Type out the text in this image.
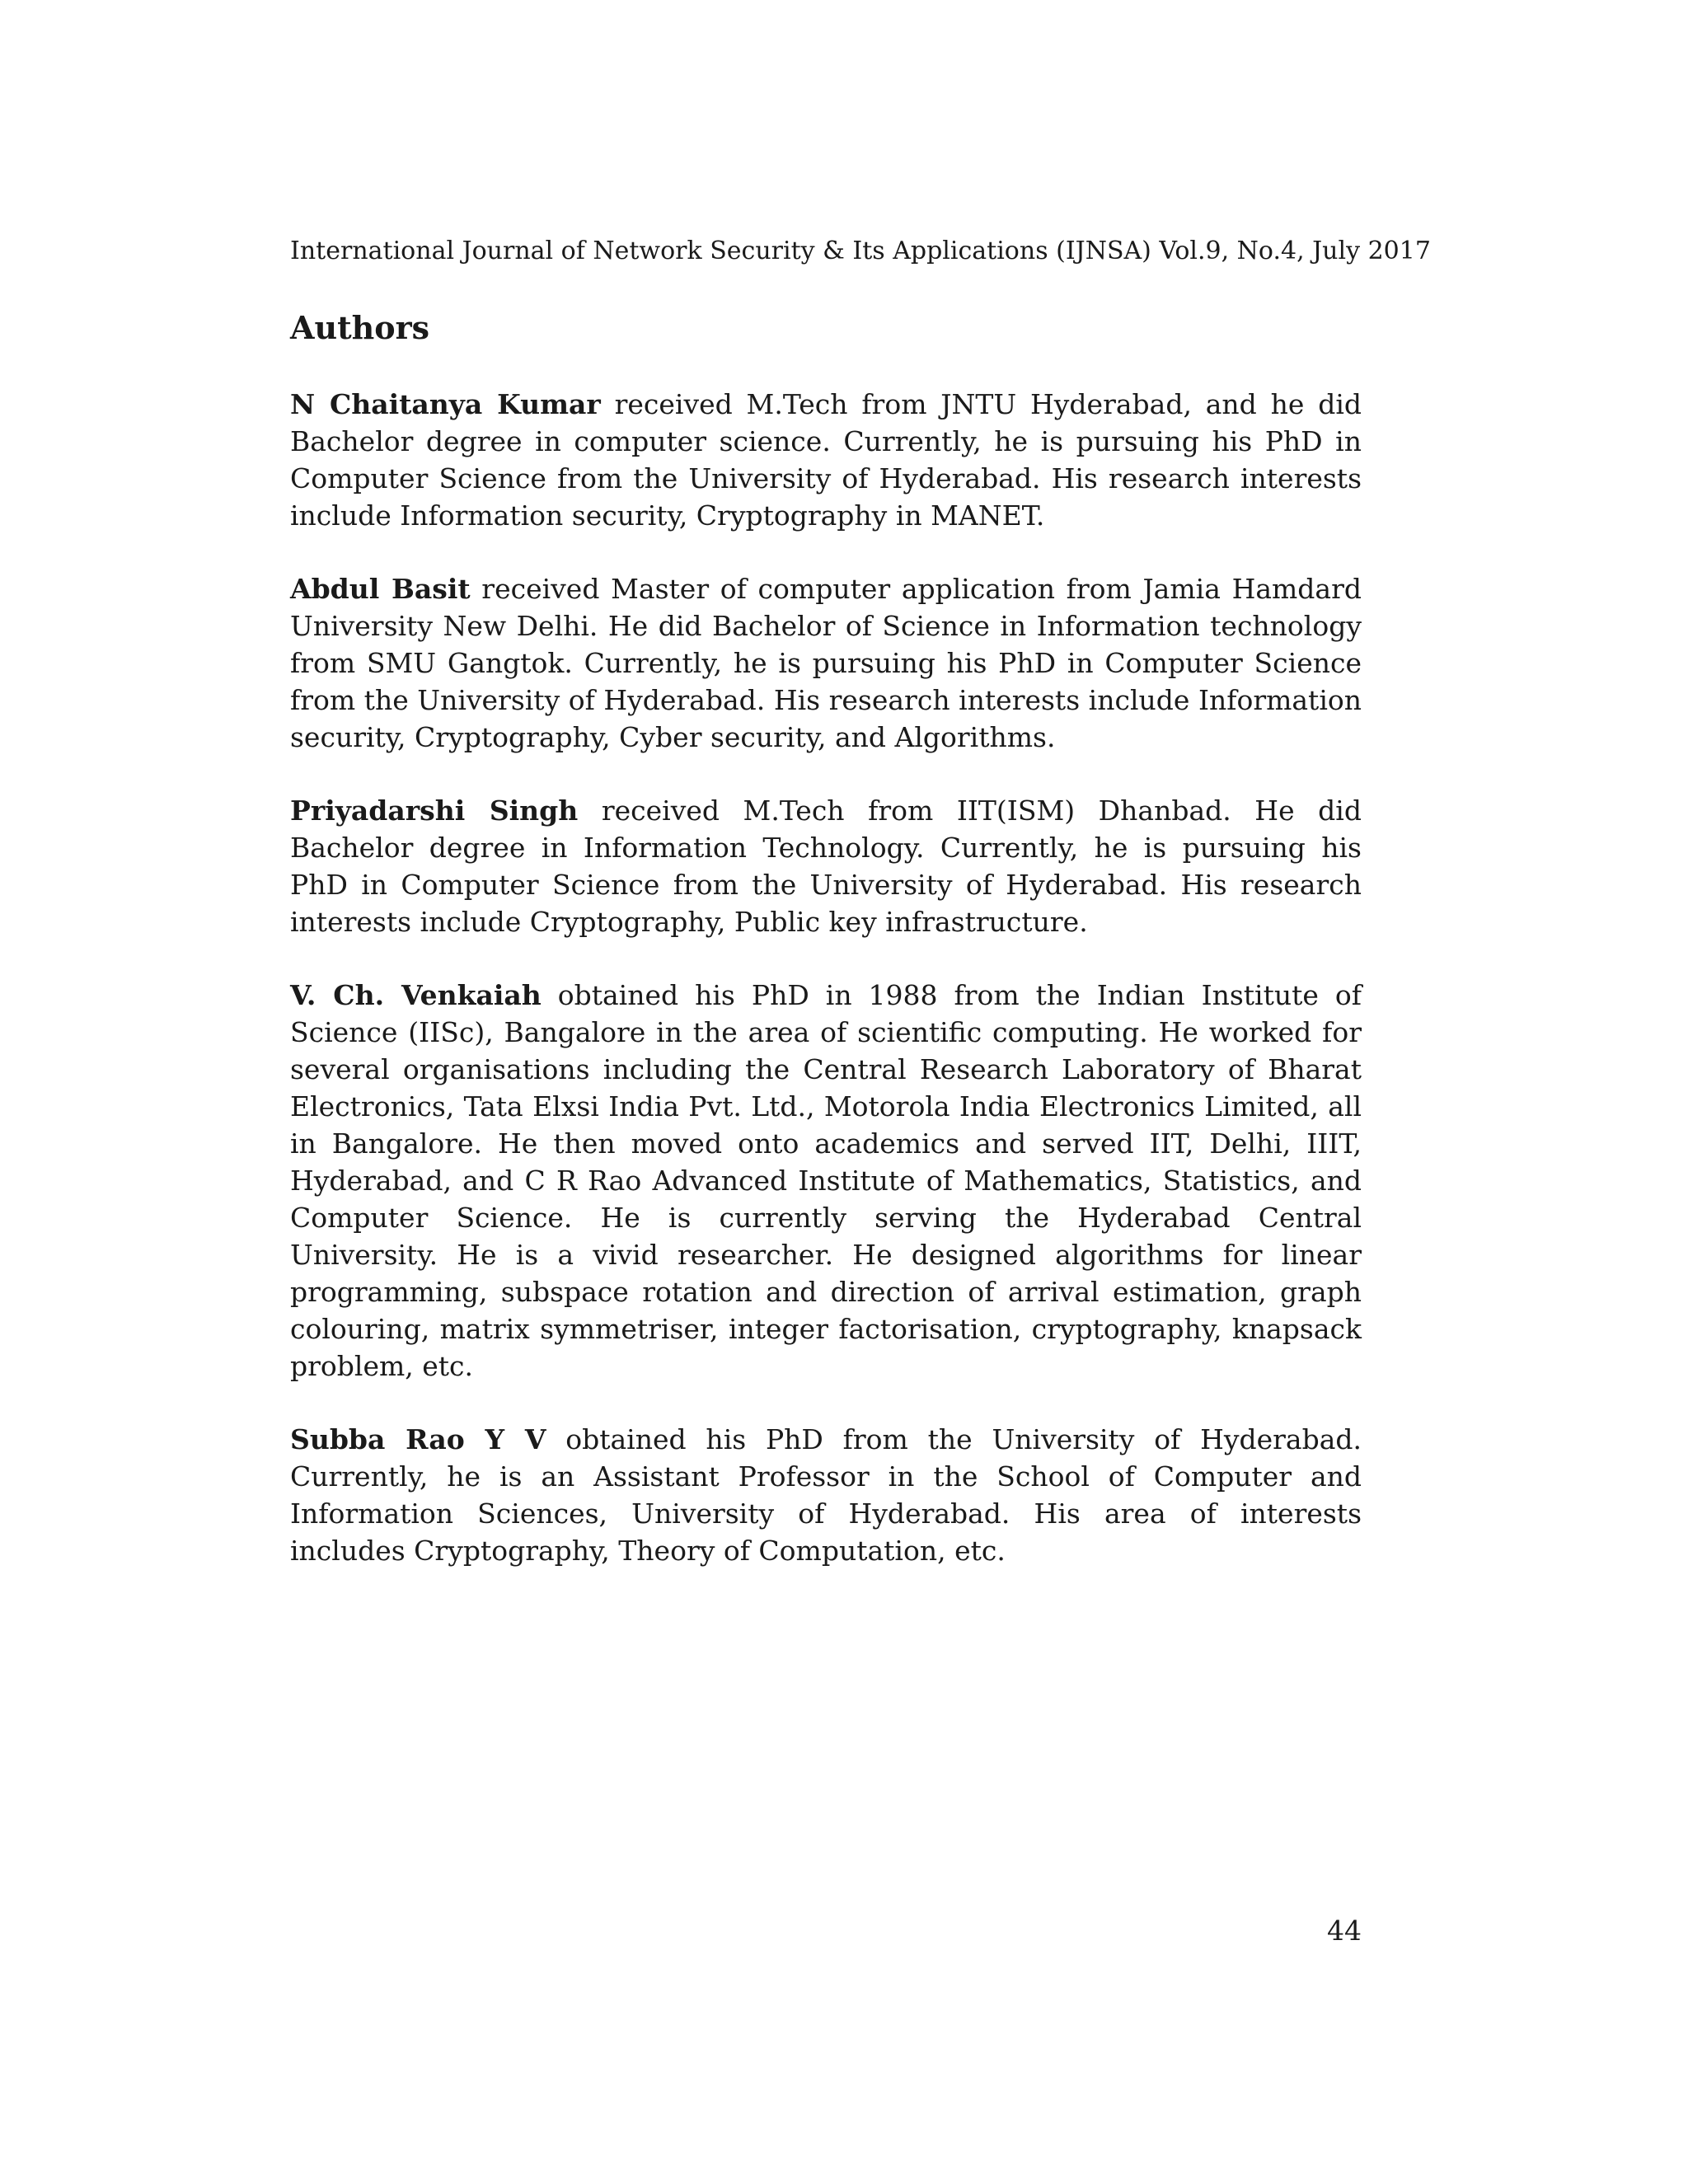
International Journal of Network Security & Its Applications (IJNSA) Vol.9, No.4, July 2017
Authors

N Chaitanya Kumar received M.Tech from JNTU Hyderabad, and he did Bachelor degree in computer science. Currently, he is pursuing his PhD in Computer Science from the University of Hyderabad. His research interests include Information security, Cryptography in MANET.

Abdul Basit received Master of computer application from Jamia Hamdard University New Delhi. He did Bachelor of Science in Information technology from SMU Gangtok. Currently, he is pursuing his PhD in Computer Science from the University of Hyderabad. His research interests include Information security, Cryptography, Cyber security, and Algorithms.

Priyadarshi Singh received M.Tech from IIT(ISM) Dhanbad. He did Bachelor degree in Information Technology. Currently, he is pursuing his PhD in Computer Science from the University of Hyderabad. His research interests include Cryptography, Public key infrastructure.

V. Ch. Venkaiah obtained his PhD in 1988 from the Indian Institute of Science (IISc), Bangalore in the area of scientific computing. He worked for several organisations including the Central Research Laboratory of Bharat Electronics, Tata Elxsi India Pvt. Ltd., Motorola India Electronics Limited, all in Bangalore. He then moved onto academics and served IIT, Delhi, IIIT, Hyderabad, and C R Rao Advanced Institute of Mathematics, Statistics, and Computer Science. He is currently serving the Hyderabad Central University. He is a vivid researcher. He designed algorithms for linear programming, subspace rotation and direction of arrival estimation, graph colouring, matrix symmetriser, integer factorisation, cryptography, knapsack problem, etc.

Subba Rao Y V obtained his PhD from the University of Hyderabad. Currently, he is an Assistant Professor in the School of Computer and Information Sciences, University of Hyderabad. His area of interests includes Cryptography, Theory of Computation, etc.

44
